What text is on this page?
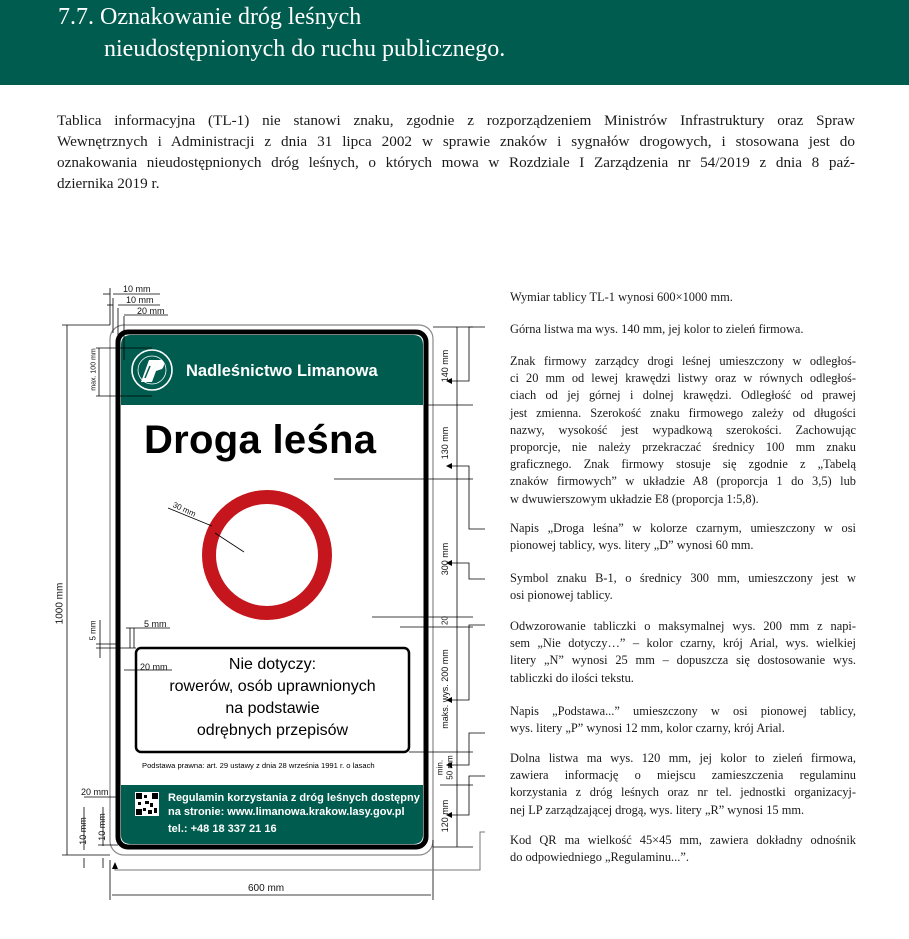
7.7. Oznakowanie dróg leśnych
nieudostępnionych do ruchu publicznego.
Tablica informacyjna (TL-1) nie stanowi znaku, zgodnie z rozporządzeniem Ministrów Infrastruktury oraz Spraw
Wewnętrznych i Administracji z dnia 31 lipca 2002 w sprawie znaków i sygnałów drogowych, i stosowana jest do
oznakowania nieudostępnionych dróg leśnych, o których mowa w Rozdziale I Zarządzenia nr 54/2019 z dnia 8 paź-
dziernika 2019 r.
Nadleśnictwo Limanowa
Droga leśna
Nie dotyczy:
rowerów, osób uprawnionych
na podstawie
odrębnych przepisów
Podstawa prawna: art. 29 ustawy z dnia 28 września 1991 r. o lasach
Regulamin korzystania z dróg leśnych dostępny
na stronie: www.limanowa.krakow.lasy.gov.pl
tel.: +48 18 337 21 16
10 mm
10 mm
20 mm
max. 100 mm
1000 mm
5 mm	5 mm
20 mm
30 mm
20 mm
10 mm 10 mm
600 mm
140 mm
130 mm
300 mm
20
maks. wys. 200 mm
min. 50 mm
120 mm
Wymiar tablicy TL-1 wynosi 600×1000 mm.
Górna listwa ma wys. 140 mm, jej kolor to zieleń firmowa.
Znak firmowy zarządcy drogi leśnej umieszczony w odległoś-
ci 20 mm od lewej krawędzi listwy oraz w równych odległoś-
ciach od jej górnej i dolnej krawędzi. Odległość od prawej
jest zmienna. Szerokość znaku firmowego zależy od długości
nazwy, wysokość jest wypadkową szerokości. Zachowując
proporcje, nie należy przekraczać średnicy 100 mm znaku
graficznego. Znak firmowy stosuje się zgodnie z „Tabelą
znaków firmowych” w układzie A8 (proporcja 1 do 3,5) lub
w dwuwierszowym układzie E8 (proporcja 1:5,8).
Napis „Droga leśna” w kolorze czarnym, umieszczony w osi
pionowej tablicy, wys. litery „D” wynosi 60 mm.
Symbol znaku B-1, o średnicy 300 mm, umieszczony jest w
osi pionowej tablicy.
Odwzorowanie tabliczki o maksymalnej wys. 200 mm z napi-
sem „Nie dotyczy…” – kolor czarny, krój Arial, wys. wielkiej
litery „N” wynosi 25 mm – dopuszcza się dostosowanie wys.
tabliczki do ilości tekstu.
Napis „Podstawa...” umieszczony w osi pionowej tablicy,
wys. litery „P” wynosi 12 mm, kolor czarny, krój Arial.
Dolna listwa ma wys. 120 mm, jej kolor to zieleń firmowa,
zawiera informację o miejscu zamieszczenia regulaminu
korzystania z dróg leśnych oraz nr tel. jednostki organizacyj-
nej LP zarządzającej drogą, wys. litery „R” wynosi 15 mm.
Kod QR ma wielkość 45×45 mm, zawiera dokładny odnośnik
do odpowiedniego „Regulaminu...”.
